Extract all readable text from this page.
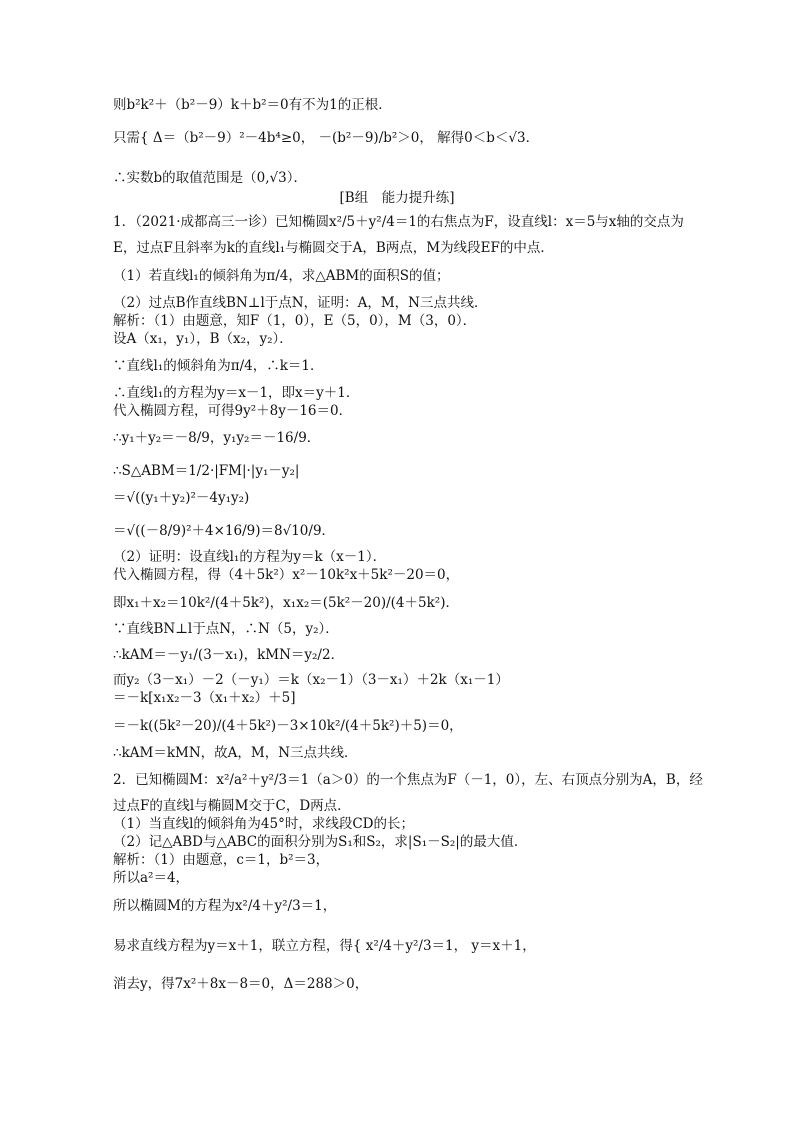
则b²k²＋（b²－9）k＋b²＝0有不为1的正根．
只需{ Δ＝（b²－9）²－4b⁴≥0， －(b²－9)/b²＞0， 解得0＜b＜√3．
∴实数b的取值范围是（0,√3）．
[B组　能力提升练]
1．（2021·成都高三一诊）已知椭圆x²/5＋y²/4＝1的右焦点为F，设直线l：x＝5与x轴的交点为
E，过点F且斜率为k的直线l₁与椭圆交于A，B两点，M为线段EF的中点．
（1）若直线l₁的倾斜角为π/4，求△ABM的面积S的值；
（2）过点B作直线BN⊥l于点N，证明：A，M，N三点共线．
解析：（1）由题意，知F（1，0），E（5，0），M（3，0）．
设A（x₁，y₁），B（x₂，y₂）．
∵直线l₁的倾斜角为π/4，∴k＝1．
∴直线l₁的方程为y＝x－1，即x＝y＋1．
代入椭圆方程，可得9y²＋8y－16＝0．
∴y₁＋y₂＝－8/9，y₁y₂＝－16/9．
∴S△ABM＝1/2·|FM|·|y₁－y₂|
＝√((y₁＋y₂)²－4y₁y₂)
＝√((－8/9)²＋4×16/9)＝8√10/9．
（2）证明：设直线l₁的方程为y＝k（x－1）．
代入椭圆方程，得（4＋5k²）x²－10k²x＋5k²－20＝0，
即x₁＋x₂＝10k²/(4＋5k²)，x₁x₂＝(5k²－20)/(4＋5k²)．
∵直线BN⊥l于点N，∴N（5，y₂）．
∴kAM＝－y₁/(3－x₁)，kMN＝y₂/2．
而y₂（3－x₁）－2（－y₁）＝k（x₂－1）（3－x₁）＋2k（x₁－1）
＝－k[x₁x₂－3（x₁＋x₂）＋5]
＝－k((5k²－20)/(4＋5k²)－3×10k²/(4＋5k²)＋5)＝0，
∴kAM＝kMN，故A，M，N三点共线．
2．已知椭圆M：x²/a²＋y²/3＝1（a＞0）的一个焦点为F（－1，0），左、右顶点分别为A，B，经
过点F的直线l与椭圆M交于C，D两点．
（1）当直线l的倾斜角为45°时，求线段CD的长；
（2）记△ABD与△ABC的面积分别为S₁和S₂，求|S₁－S₂|的最大值．
解析：（1）由题意，c＝1，b²＝3，
所以a²＝4，
所以椭圆M的方程为x²/4＋y²/3＝1，
易求直线方程为y＝x＋1，联立方程，得{ x²/4＋y²/3＝1， y＝x＋1，
消去y，得7x²＋8x－8＝0，Δ＝288＞0，
